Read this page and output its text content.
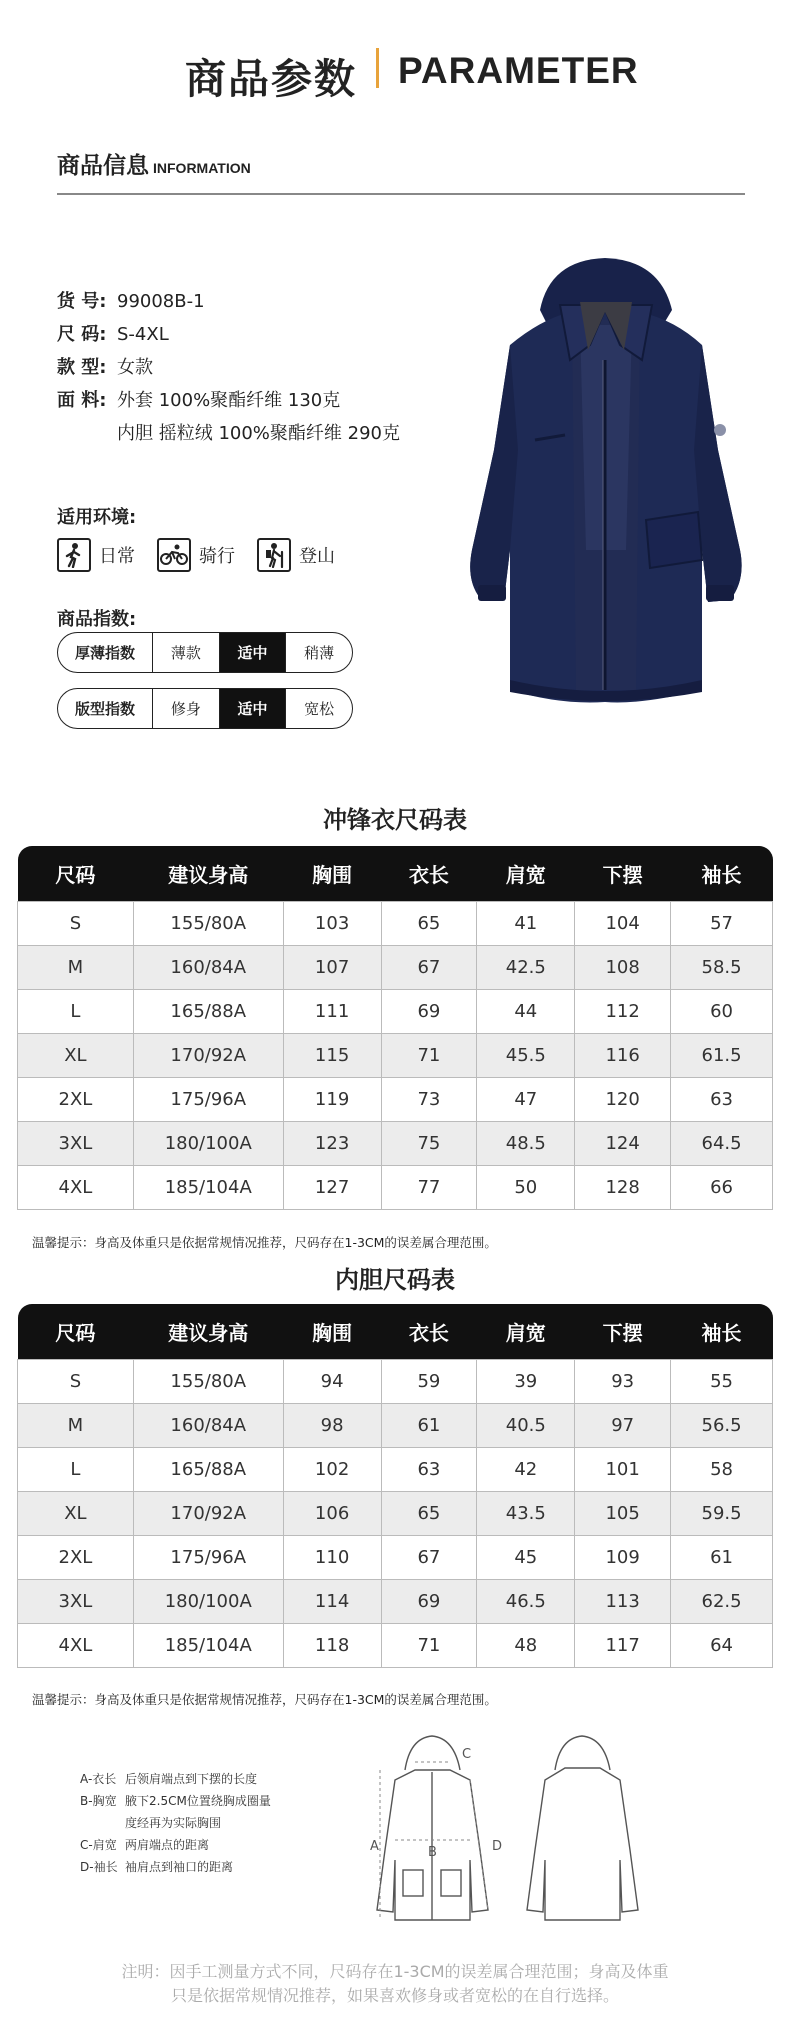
商品参数 PARAMETER
商品信息 INFORMATION
货 号: 99008B-1
尺 码: S-4XL
款 型: 女款
面 料: 外套 100%聚酯纤维 130克
内胆 摇粒绒 100%聚酯纤维 290克
适用环境:
日常	骑行	登山
商品指数:
厚薄指数	薄款	适中	稍薄
版型指数	修身	适中	宽松
冲锋衣尺码表
尺码	建议身高	胸围	衣长	肩宽	下摆	袖长
S	155/80A	103	65	41	104	57
M	160/84A	107	67	42.5	108	58.5
L	165/88A	111	69	44	112	60
XL	170/92A	115	71	45.5	116	61.5
2XL	175/96A	119	73	47	120	63
3XL	180/100A	123	75	48.5	124	64.5
4XL	185/104A	127	77	50	128	66
温馨提示：身高及体重只是依据常规情况推荐，尺码存在1-3CM的误差属合理范围。
内胆尺码表
尺码	建议身高	胸围	衣长	肩宽	下摆	袖长
S	155/80A	94	59	39	93	55
M	160/84A	98	61	40.5	97	56.5
L	165/88A	102	63	42	101	58
XL	170/92A	106	65	43.5	105	59.5
2XL	175/96A	110	67	45	109	61
3XL	180/100A	114	69	46.5	113	62.5
4XL	185/104A	118	71	48	117	64
温馨提示：身高及体重只是依据常规情况推荐，尺码存在1-3CM的误差属合理范围。
A-衣长 后领肩端点到下摆的长度
B-胸宽 腋下2.5CM位置绕胸成圈量
度经再为实际胸围
C-肩宽 两肩端点的距离
D-袖长 袖肩点到袖口的距离
A	B
C
D
注明：因手工测量方式不同，尺码存在1-3CM的误差属合理范围；身高及体重
只是依据常规情况推荐，如果喜欢修身或者宽松的在自行选择。
